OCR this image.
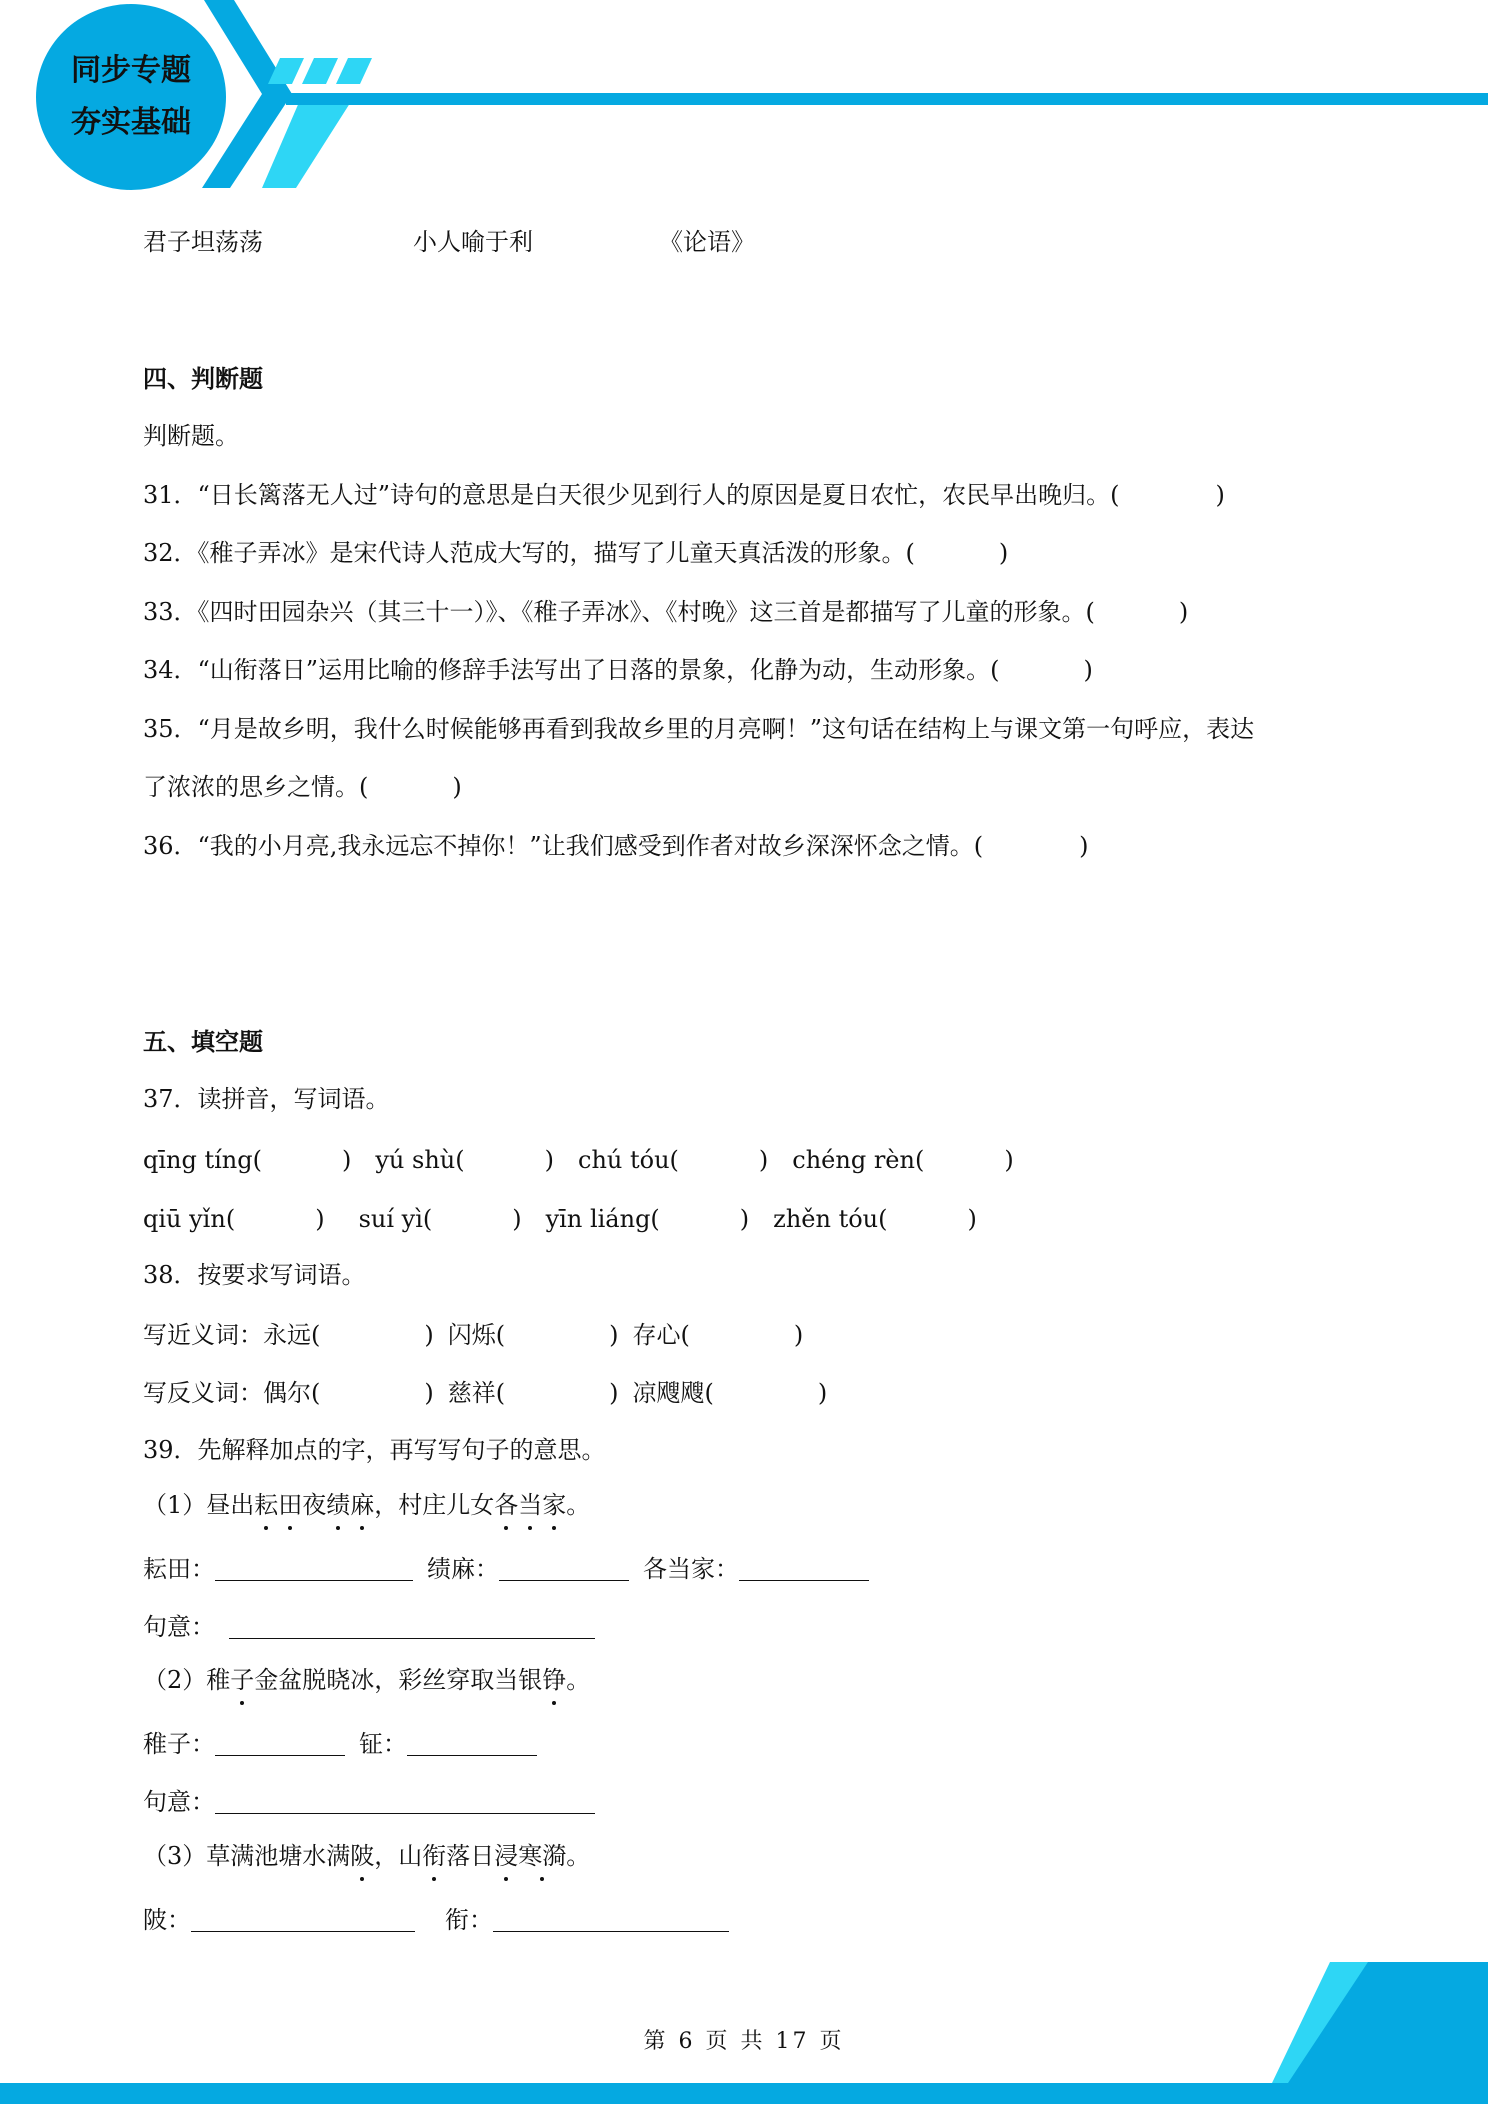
同步专题
夯实基础
君子坦荡荡	小人喻于利	《论语》
四、判断题
判断题。
31．“日长篱落无人过”诗句的意思是白天很少见到行人的原因是夏日农忙，农民早出晚归。(	)
32．《稚子弄冰》是宋代诗人范成大写的，描写了儿童天真活泼的形象。(	)
33．《四时田园杂兴（其三十一）》、《稚子弄冰》、《村晚》这三首是都描写了儿童的形象。(	)
34．“山衔落日”运用比喻的修辞手法写出了日落的景象，化静为动，生动形象。(	)
35．“月是故乡明，我什么时候能够再看到我故乡里的月亮啊！”这句话在结构上与课文第一句呼应，表达
了浓浓的思乡之情。(	)
36．“我的小月亮,我永远忘不掉你！”让我们感受到作者对故乡深深怀念之情。(	)
五、填空题
37．读拼音，写词语。
qīng tíng(	) yú shù(	) chú tóu(	) chéng rèn(	)
qiū yǐn(	) suí yì(	) yīn liáng(	) zhěn tóu(	)
38．按要求写词语。
写近义词：永远(	) 闪烁(	) 存心(	)
写反义词：偶尔(	) 慈祥(	) 凉飕飕(	)
39．先解释加点的字，再写写句子的意思。
（1）昼出耘田夜绩麻，村庄儿女各当家。
耘田：	绩麻：	各当家：
句意：
（2）稚子金盆脱晓冰，彩丝穿取当银铮。
稚子：	钲：
句意：
（3）草满池塘水满陂，山衔落日浸寒漪。
陂：	衔：
第 6 页 共 17 页
